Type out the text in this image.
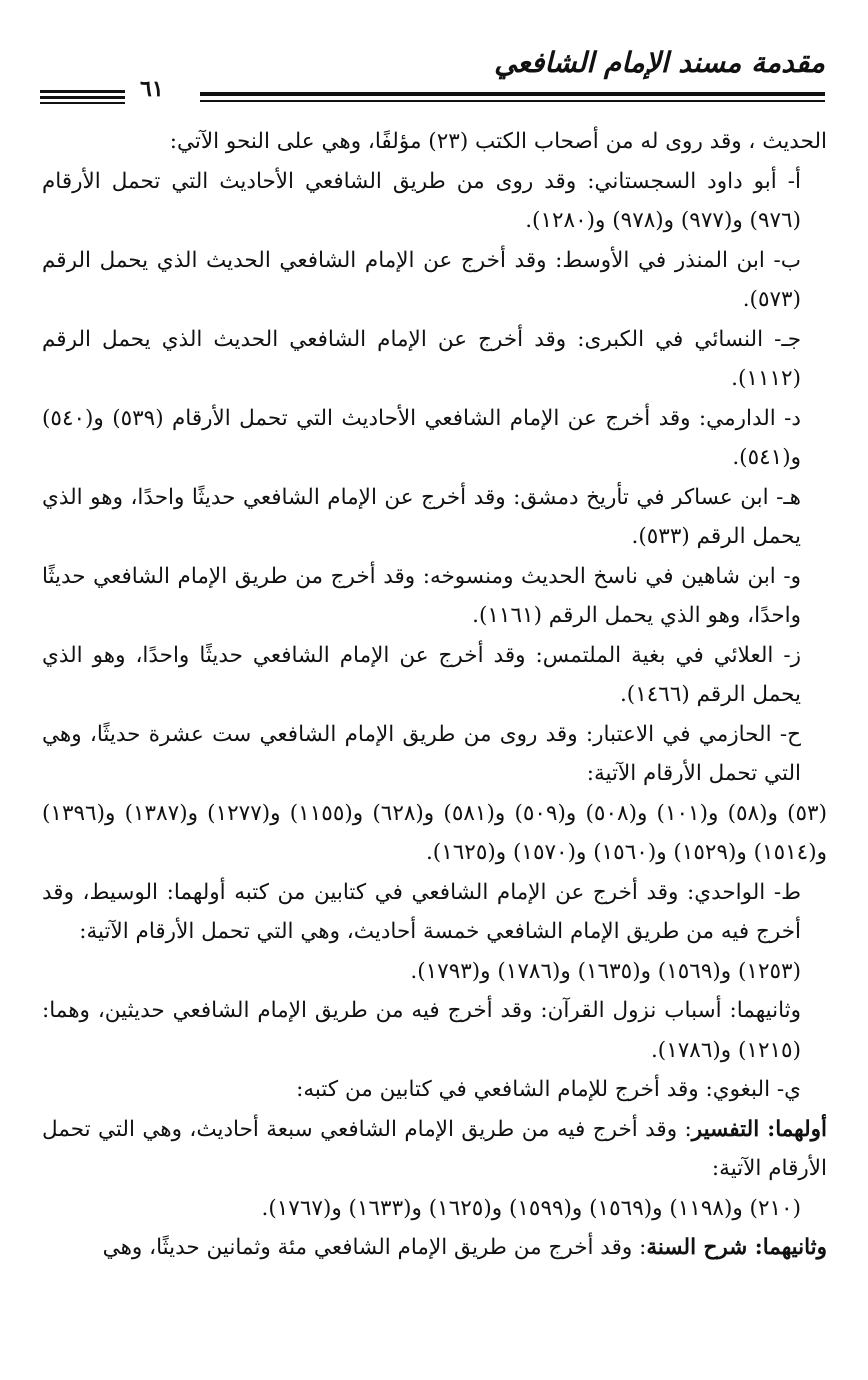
مقدمة مسند الإمام الشافعي
٦١

الحديث ، وقد روى له من أصحاب الكتب (٢٣) مؤلفًا، وهي على النحو الآتي:

أ- أبو داود السجستاني: وقد روى من طريق الشافعي الأحاديث التي تحمل الأرقام (٩٧٦) و(٩٧٧) و(٩٧٨) و(١٢٨٠).

ب- ابن المنذر في الأوسط: وقد أخرج عن الإمام الشافعي الحديث الذي يحمل الرقم (٥٧٣).

جـ- النسائي في الكبرى: وقد أخرج عن الإمام الشافعي الحديث الذي يحمل الرقم (١١١٢).

د- الدارمي: وقد أخرج عن الإمام الشافعي الأحاديث التي تحمل الأرقام (٥٣٩) و(٥٤٠) و(٥٤١).

هـ- ابن عساكر في تأريخ دمشق: وقد أخرج عن الإمام الشافعي حديثًا واحدًا، وهو الذي يحمل الرقم (٥٣٣).

و- ابن شاهين في ناسخ الحديث ومنسوخه: وقد أخرج من طريق الإمام الشافعي حديثًا واحدًا، وهو الذي يحمل الرقم (١١٦١).

ز- العلائي في بغية الملتمس: وقد أخرج عن الإمام الشافعي حديثًا واحدًا، وهو الذي يحمل الرقم (١٤٦٦).

ح- الحازمي في الاعتبار: وقد روى من طريق الإمام الشافعي ست عشرة حديثًا، وهي التي تحمل الأرقام الآتية:

(٥٣) و(٥٨) و(١٠١) و(٥٠٨) و(٥٠٩) و(٥٨١) و(٦٢٨) و(١١٥٥) و(١٢٧٧) و(١٣٨٧) و(١٣٩٦) و(١٥١٤) و(١٥٢٩) و(١٥٦٠) و(١٥٧٠) و(١٦٢٥).

ط- الواحدي: وقد أخرج عن الإمام الشافعي في كتابين من كتبه أولهما: الوسيط، وقد أخرج فيه من طريق الإمام الشافعي خمسة أحاديث، وهي التي تحمل الأرقام الآتية:

(١٢٥٣) و(١٥٦٩) و(١٦٣٥) و(١٧٨٦) و(١٧٩٣).

وثانيهما: أسباب نزول القرآن: وقد أخرج فيه من طريق الإمام الشافعي حديثين، وهما: (١٢١٥) و(١٧٨٦).

ي- البغوي: وقد أخرج للإمام الشافعي في كتابين من كتبه:

أولهما: التفسير: وقد أخرج فيه من طريق الإمام الشافعي سبعة أحاديث، وهي التي تحمل الأرقام الآتية:

(٢١٠) و(١١٩٨) و(١٥٦٩) و(١٥٩٩) و(١٦٢٥) و(١٦٣٣) و(١٧٦٧).

وثانيهما: شرح السنة: وقد أخرج من طريق الإمام الشافعي مئة وثمانين حديثًا، وهي
